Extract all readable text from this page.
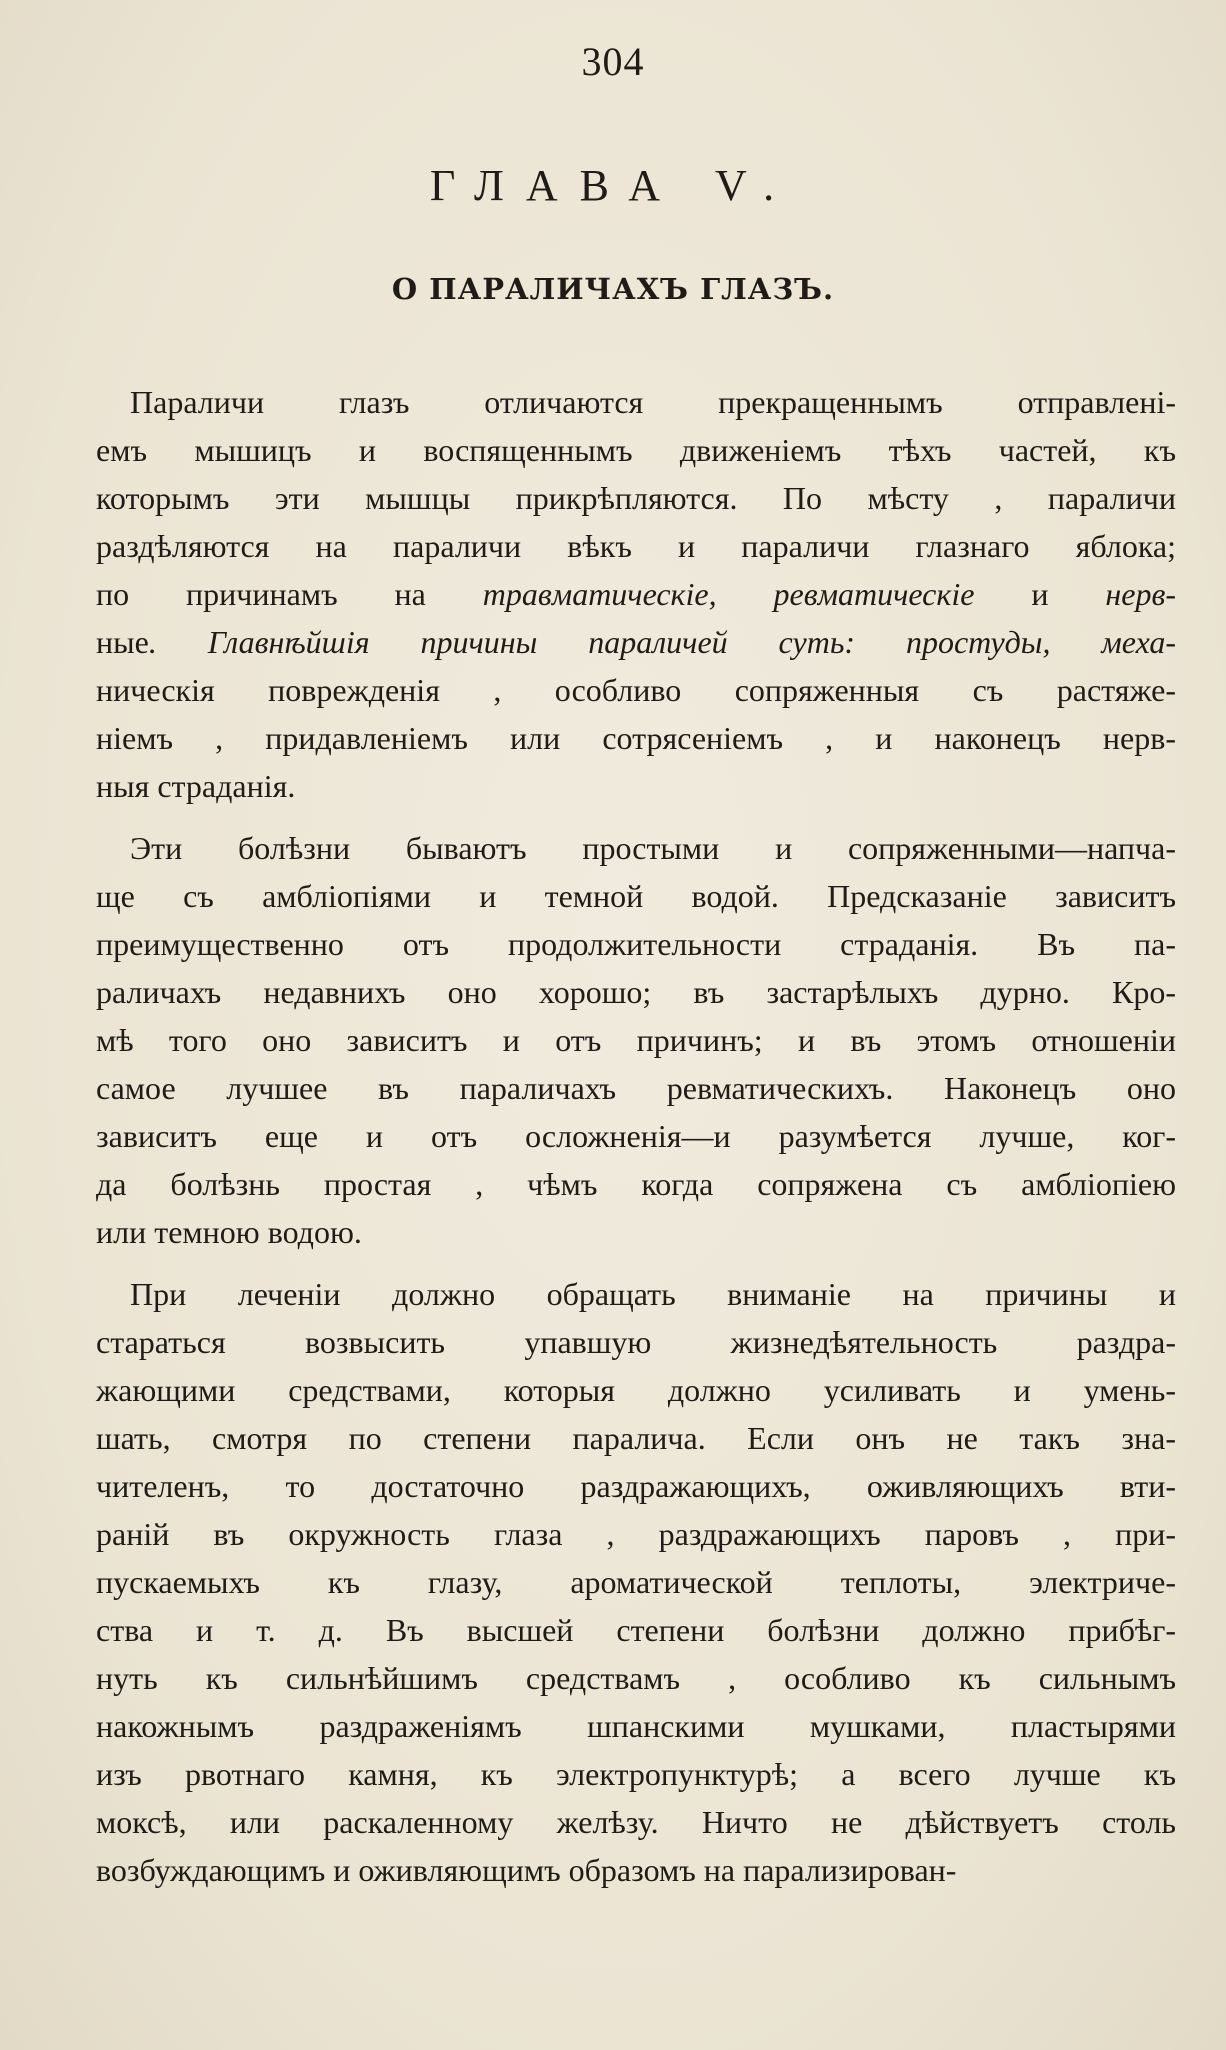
304
ГЛАВА V.
О ПАРАЛИЧАХЪ ГЛАЗЪ.
Параличи глазъ отличаются прекращеннымъ отправлені-
емъ мышицъ и воспященнымъ движеніемъ тѣхъ частей, къ
которымъ эти мышцы прикрѣпляются. По мѣсту , параличи
раздѣляются на параличи вѣкъ и параличи глазнаго яблока;
по причинамъ на травматическіе, ревматическіе и нерв-
ные. Главнѣйшія причины параличей суть: простуды, меха-
ническія поврежденія , особливо сопряженныя съ растяже-
ніемъ , придавленіемъ или сотрясеніемъ , и наконецъ нерв-
ныя страданія.
Эти болѣзни бываютъ простыми и сопряженными—напча-
ще съ амбліопіями и темной водой. Предсказаніе зависитъ
преимущественно отъ продолжительности страданія. Въ па-
раличахъ недавнихъ оно хорошо; въ застарѣлыхъ дурно. Кро-
мѣ того оно зависитъ и отъ причинъ; и въ этомъ отношеніи
самое лучшее въ параличахъ ревматическихъ. Наконецъ оно
зависитъ еще и отъ осложненія—и разумѣется лучше, ког-
да болѣзнь простая , чѣмъ когда сопряжена съ амбліопіею
или темною водою.
При леченіи должно обращать вниманіе на причины и
стараться возвысить упавшую жизнедѣятельность раздра-
жающими средствами, которыя должно усиливать и умень-
шать, смотря по степени паралича. Если онъ не такъ зна-
чителенъ, то достаточно раздражающихъ, оживляющихъ вти-
раній въ окружность глаза , раздражающихъ паровъ , при-
пускаемыхъ къ глазу, ароматической теплоты, электриче-
ства и т. д. Въ высшей степени болѣзни должно прибѣг-
нуть къ сильнѣйшимъ средствамъ , особливо къ сильнымъ
накожнымъ раздраженіямъ шпанскими мушками, пластырями
изъ рвотнаго камня, къ электропунктурѣ; а всего лучше къ
моксѣ, или раскаленному желѣзу. Ничто не дѣйствуетъ столь
возбуждающимъ и оживляющимъ образомъ на парализирован-
